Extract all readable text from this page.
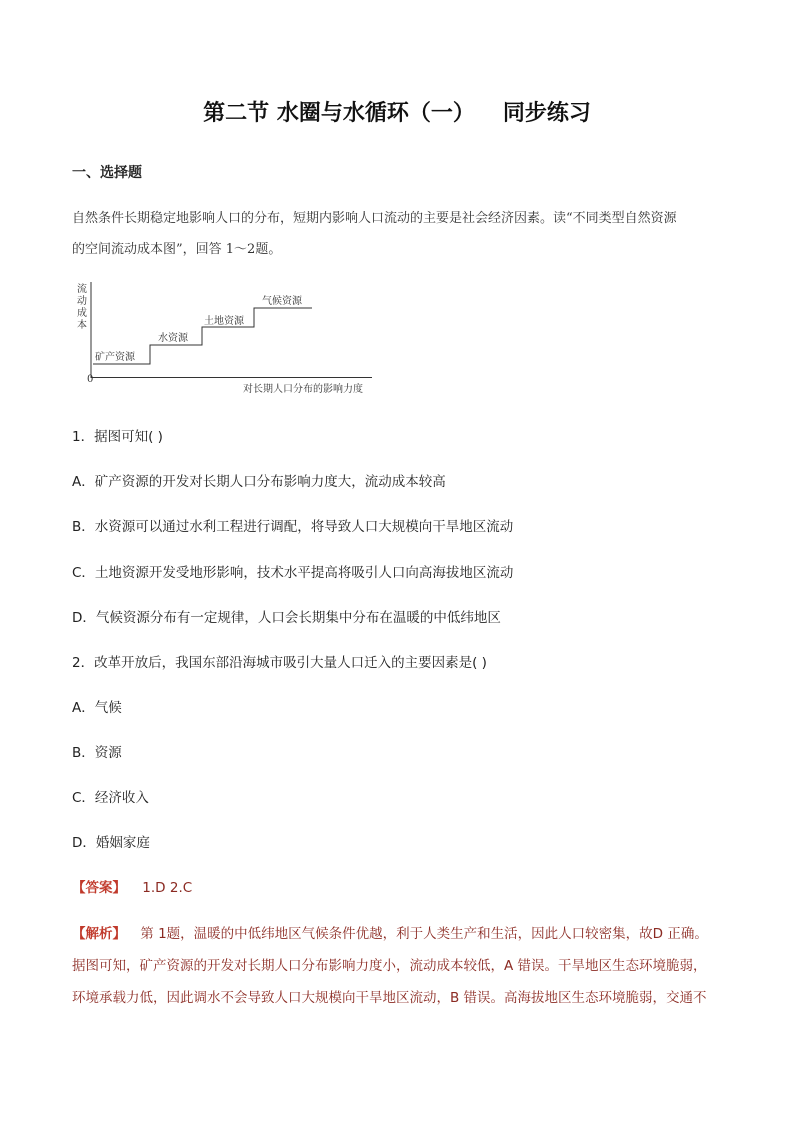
第二节 水圈与水循环（一） 同步练习
一、选择题
自然条件长期稳定地影响人口的分布，短期内影响人口流动的主要是社会经济因素。读“不同类型自然资源
的空间流动成本图”，回答 1～2题。
流
动
成
本
矿产资源
水资源
土地资源
气候资源
0
对长期人口分布的影响力度
1．据图可知( )
A．矿产资源的开发对长期人口分布影响力度大，流动成本较高
B．水资源可以通过水利工程进行调配，将导致人口大规模向干旱地区流动
C．土地资源开发受地形影响，技术水平提高将吸引人口向高海拔地区流动
D．气候资源分布有一定规律，人口会长期集中分布在温暖的中低纬地区
2．改革开放后，我国东部沿海城市吸引大量人口迁入的主要因素是( )
A．气候
B．资源
C．经济收入
D．婚姻家庭
【答案】 1.D 2.C
【解析】 第 1题，温暖的中低纬地区气候条件优越，利于人类生产和生活，因此人口较密集，故D 正确。
据图可知，矿产资源的开发对长期人口分布影响力度小，流动成本较低，A 错误。干旱地区生态环境脆弱，
环境承载力低，因此调水不会导致人口大规模向干旱地区流动，B 错误。高海拔地区生态环境脆弱，交通不
